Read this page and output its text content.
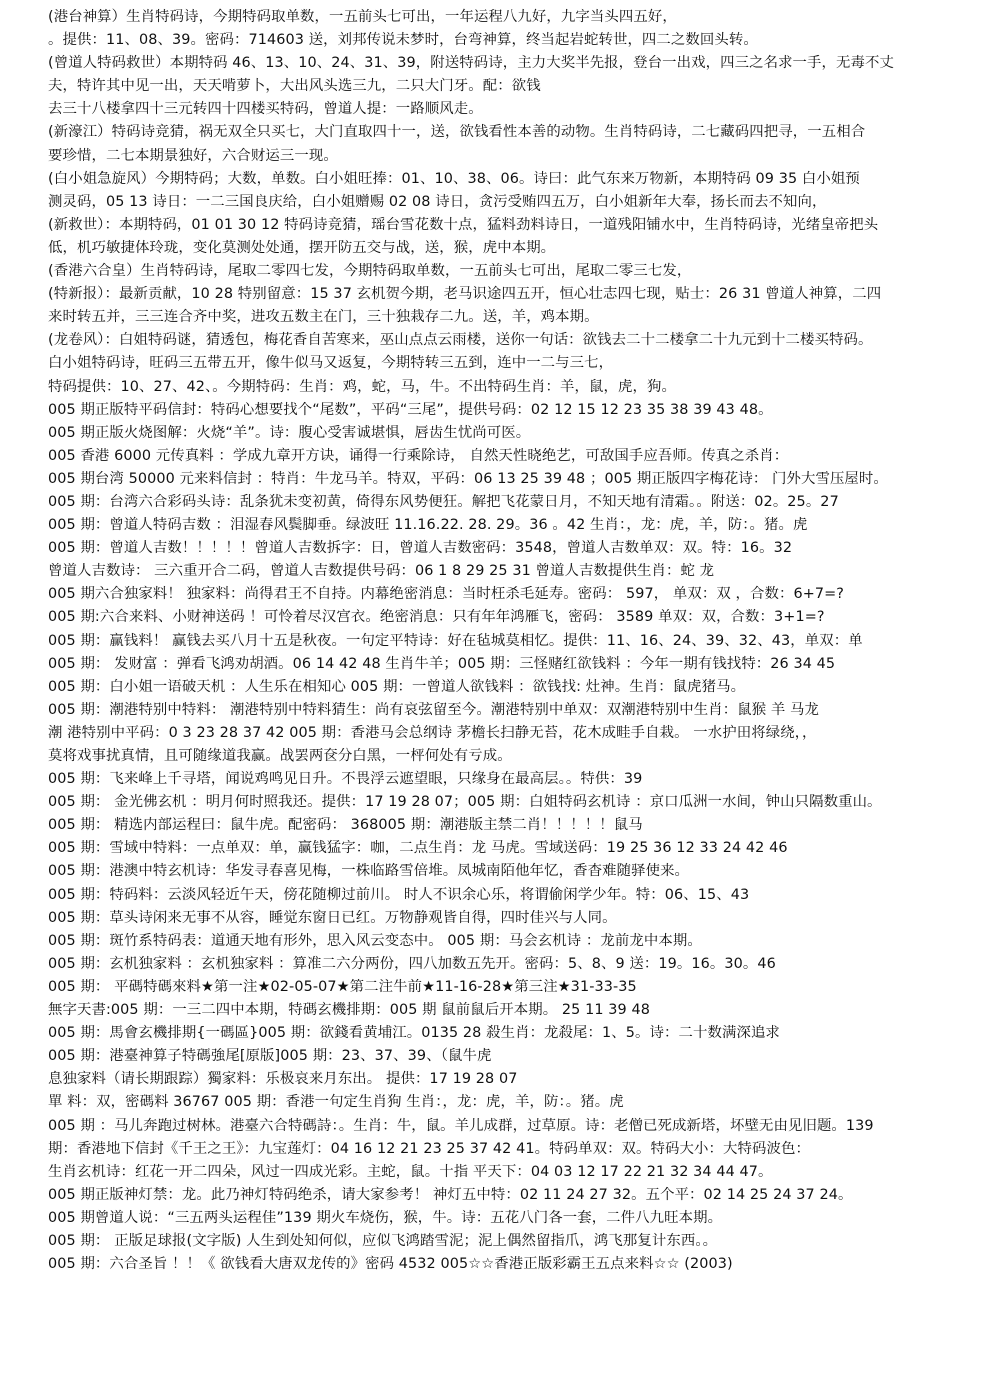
(港台神算）生肖特码诗，今期特码取单数，一五前头七可出，一年运程八九好，九字当头四五好，
。提供：11、08、39。密码：714603 送，刘邦传说未梦时，台弯神算，终当起岩蛇转世，四二之数回头转。
(曾道人特码救世）本期特码 46、13、10、24、31、39，附送特码诗，主力大奖半先报，登台一出戏，四三之名求一手，无毒不丈
夫，特许其中见一出，天天啃萝卜，大出风头选三九，二只大门牙。配：欲钱
去三十八楼拿四十三元转四十四楼买特码，曾道人提：一路顺风走。
(新濠江）特码诗竞猜，祸无双全只买七，大门直取四十一，送，欲钱看性本善的动物。生肖特码诗，二七藏码四把寻，一五相合
要珍惜，二七本期景独好，六合财运三一现。
(白小姐急旋风）今期特码；大数，单数。白小姐旺捧：01、10、38、06。诗曰：此气东来万物新，本期特码 09 35 白小姐预
测灵码，05 13 诗日：一二三国良庆给，白小姐赠赐 02 08 诗日，贪污受贿四五万，白小姐新年大奉，扬长而去不知向，
(新救世）：本期特码，01 01 30 12 特码诗竞猜，瑶台雪花数十点，猛料劲料诗日，一道残阳铺水中，生肖特码诗，光绪皇帝把头
低，机巧敏捷体玲珑，变化莫测处处通，摆开防五交与战，送，猴，虎中本期。
(香港六合皇）生肖特码诗，尾取二零四七发，今期特码取单数，一五前头七可出，尾取二零三七发，
(特新报）：最新贡献，10 28 特别留意：15 37 玄机贺今期，老马识途四五开，恒心壮志四七现，贴士：26 31 曾道人神算，二四
来时转五并，三三连合齐中奖，进攻五数主在门，三十独栽存二九。送，羊，鸡本期。
(龙卷风）：白姐特码谜，猜透包，梅花香自苦寒来，巫山点点云雨楼，送你一句话：欲钱去二十二楼拿二十九元到十二楼买特码。
白小姐特码诗，旺码三五带五开，像牛似马又返复，今期特转三五到，连中一二与三七，
特码提供：10、27、42、。今期特码：生肖：鸡，蛇，马，牛。不出特码生肖：羊，鼠，虎，狗。
005 期正版特平码信封：特码心想要找个“尾数”，平码“三尾”，提供号码：02 12 15 12 23 35 38 39 43 48。
005 期正版火烧图解：火烧“羊”。诗：腹心受害诚堪惧，唇齿生忧尚可医。
005 香港 6000 元传真料 ：学成九章开方诀，诵得一行乘除诗， 自然天性晓绝艺，可敌国手应吾师。传真之杀肖：
005 期台湾 50000 元来料信封 ：特肖：牛龙马羊。特双，平码：06 13 25 39 48 ；005 期正版四字梅花诗： 门外大雪压屋时。
005 期：台湾六合彩码头诗：乱条犹未变初黄，倚得东风势便狂。解把飞花蒙日月，不知天地有清霜。。附送：02。25。27
005 期：曾道人特码吉数 ：泪湿春风鬓脚垂。绿波旺 11.16.22. 28. 29。36 。42 生肖：，龙：虎，羊，防：。猪。虎
005 期：曾道人吉数！！！！！曾道人吉数拆字：日，曾道人吉数密码：3548，曾道人吉数单双：双。特：16。32
曾道人吉数诗： 三六重开合二码，曾道人吉数提供号码：06 1 8 29 25 31 曾道人吉数提供生肖：蛇 龙
005 期六合独家料！ 独家料：尚得君王不自持。内幕绝密消息：当时枉杀毛延寿。密码： 597， 单双：双 ，合数：6+7=?
005 期:六合来料、小财神送码 ！可怜着尽汉宫衣。绝密消息：只有年年鸿雁飞，密码： 3589 单双：双，合数：3+1=?
005 期：赢钱料！ 赢钱去买八月十五是秋夜。一句定平特诗：好在毡城莫相忆。提供：11、16、24、39、32、43，单双：单
005 期： 发财富 ：弹看飞鸿劝胡酒。06 14 42 48 生肖牛羊；005 期：三怪赌红欲钱料 ：今年一期有钱找特：26 34 45
005 期：白小姐一语破天机 ：人生乐在相知心 005 期：一曾道人欲钱料 ：欲钱找: 灶神。生肖：鼠虎猪马。
005 期：潮港特别中特料： 潮港特别中特料猜生：尚有哀弦留至今。潮港特别中单双：双潮港特别中生肖：鼠猴 羊 马龙
潮 港特别中平码：0 3 23 28 37 42 005 期：香港马会总纲诗 茅檐长扫静无苔，花木成畦手自栽。 一水护田将绿绕，，
莫将戏事扰真情，且可随缘道我赢。战罢两奁分白黑，一枰何处有亏成。
005 期：飞来峰上千寻塔，闻说鸡鸣见日升。不畏浮云遮望眼，只缘身在最高层。。特供：39
005 期： 金光佛玄机 ：明月何时照我还。提供：17 19 28 07；005 期：白姐特码玄机诗 ：京口瓜洲一水间，钟山只隔数重山。
005 期： 精选内部运程曰：鼠牛虎。配密码： 368005 期：潮港版主禁二肖！！！！！鼠马
005 期：雪域中特料：一点单双：单，赢钱猛字：咖，二点生肖：龙 马虎。雪域送码：19 25 36 12 33 24 42 46
005 期：港澳中特玄机诗：华发寻春喜见梅，一株临路雪倍堆。凤城南陌他年忆，香杳难随驿使来。
005 期：特码料：云淡风轻近午天，傍花随柳过前川。 时人不识余心乐，将谓偷闲学少年。特：06、15、43
005 期：草头诗闲来无事不从容，睡觉东窗日已红。万物静观皆自得，四时佳兴与人同。
005 期：斑竹系特码表：道通天地有形外，思入风云变态中。 005 期：马会玄机诗 ：龙前龙中本期。
005 期：玄机独家料 ：玄机独家料 ：算准二六分两份，四八加数五先开。密码：5、8、9 送：19。16。30。46
005 期： 平碼特碼來料★第一注★02-05-07★第二注牛前★11-16-28★第三注★31-33-35
無字天書:005 期：一三二四中本期，特碼玄機排期：005 期 鼠前鼠后开本期。 25 11 39 48
005 期：馬會玄機排期{一碼區}005 期：欲錢看黄埔江。0135 28 殺生肖：龙殺尾：1、5。诗：二十数满深追求
005 期：港臺神算子特碼強尾[原版]005 期：23、37、39、（鼠牛虎
息独家料（请长期跟踪）獨家料：乐极哀来月东出。 提供：17 19 28 07
單 料：双，密碼料 36767 005 期：香港一句定生肖狗 生肖：，龙：虎，羊，防：。猪。虎
005 期 ：马儿奔跑过树林。港臺六合特碼詩：。生肖：牛，鼠。羊儿成群，过草原。诗：老僧已死成新塔，坏壁无由见旧题。139
期：香港地下信封《千王之王》：九宝莲灯：04 16 12 21 23 25 37 42 41。特码单双：双。特码大小：大特码波色：
生肖玄机诗：红花一开二四朵，风过一四成光彩。主蛇，鼠。十指 平天下：04 03 12 17 22 21 32 34 44 47。
005 期正版神灯禁：龙。此乃神灯特码绝杀，请大家参考！ 神灯五中特：02 11 24 27 32。五个平：02 14 25 24 37 24。
005 期曾道人说：“三五两头运程佳”139 期火车烧伤，猴，牛。诗：五花八门各一套，二件八九旺本期。
005 期： 正版足球报(文字版) 人生到处知何似，应似飞鸿踏雪泥；泥上偶然留指爪，鸿飞那复计东西。。
005 期：六合圣旨 ！！《 欲钱看大唐双龙传的》密码 4532 005☆☆香港正版彩霸王五点来料☆☆ (2003)
